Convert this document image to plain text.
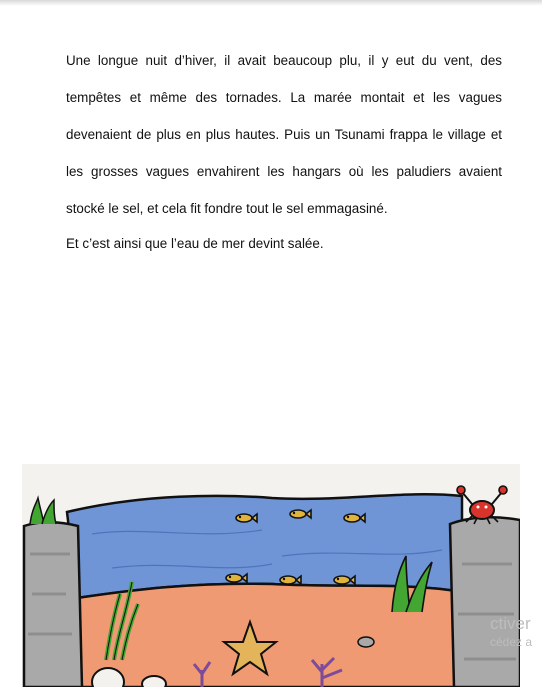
Une longue nuit d’hiver, il avait beaucoup plu, il y eut du vent, des tempêtes et même des tornades. La marée montait et les vagues devenaient de plus en plus hautes. Puis un Tsunami frappa le village et les grosses vagues envahirent les hangars où les paludiers avaient stocké le sel, et cela fit fondre tout le sel emmagasiné.

Et c’est ainsi que l’eau de mer devint salée.

ctiver
cédez a
